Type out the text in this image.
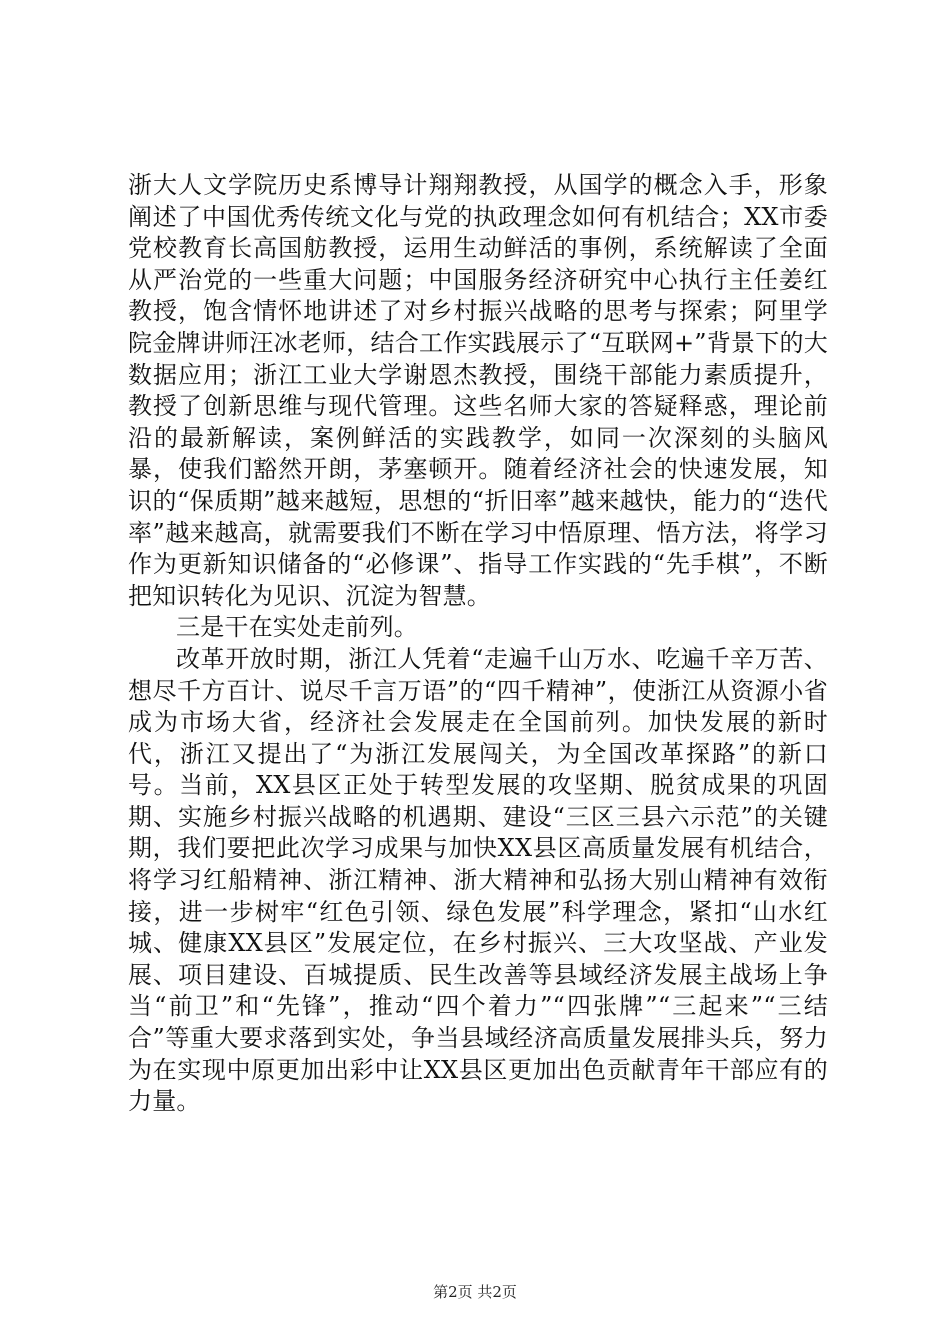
浙大人文学院历史系博导计翔翔教授，从国学的概念入手，形象阐述了中国优秀传统文化与党的执政理念如何有机结合；XX市委党校教育长高国舫教授，运用生动鲜活的事例，系统解读了全面从严治党的一些重大问题；中国服务经济研究中心执行主任姜红教授，饱含情怀地讲述了对乡村振兴战略的思考与探索；阿里学院金牌讲师汪冰老师，结合工作实践展示了“互联网+”背景下的大数据应用；浙江工业大学谢恩杰教授，围绕干部能力素质提升，教授了创新思维与现代管理。这些名师大家的答疑释惑，理论前沿的最新解读，案例鲜活的实践教学，如同一次深刻的头脑风暴，使我们豁然开朗，茅塞顿开。随着经济社会的快速发展，知识的“保质期”越来越短，思想的“折旧率”越来越快，能力的“迭代率”越来越高，就需要我们不断在学习中悟原理、悟方法，将学习作为更新知识储备的“必修课”、指导工作实践的“先手棋”，不断把知识转化为见识、沉淀为智慧。

三是干在实处走前列。

改革开放时期，浙江人凭着“走遍千山万水、吃遍千辛万苦、想尽千方百计、说尽千言万语”的“四千精神”，使浙江从资源小省成为市场大省，经济社会发展走在全国前列。加快发展的新时代，浙江又提出了“为浙江发展闯关，为全国改革探路”的新口号。当前，XX县区正处于转型发展的攻坚期、脱贫成果的巩固期、实施乡村振兴战略的机遇期、建设“三区三县六示范”的关键期，我们要把此次学习成果与加快XX县区高质量发展有机结合，将学习红船精神、浙江精神、浙大精神和弘扬大别山精神有效衔接，进一步树牢“红色引领、绿色发展”科学理念，紧扣“山水红城、健康XX县区”发展定位，在乡村振兴、三大攻坚战、产业发展、项目建设、百城提质、民生改善等县域经济发展主战场上争当“前卫”和“先锋”，推动“四个着力”“四张牌”“三起来”“三结合”等重大要求落到实处，争当县域经济高质量发展排头兵，努力为在实现中原更加出彩中让XX县区更加出色贡献青年干部应有的力量。

第2页 共2页
